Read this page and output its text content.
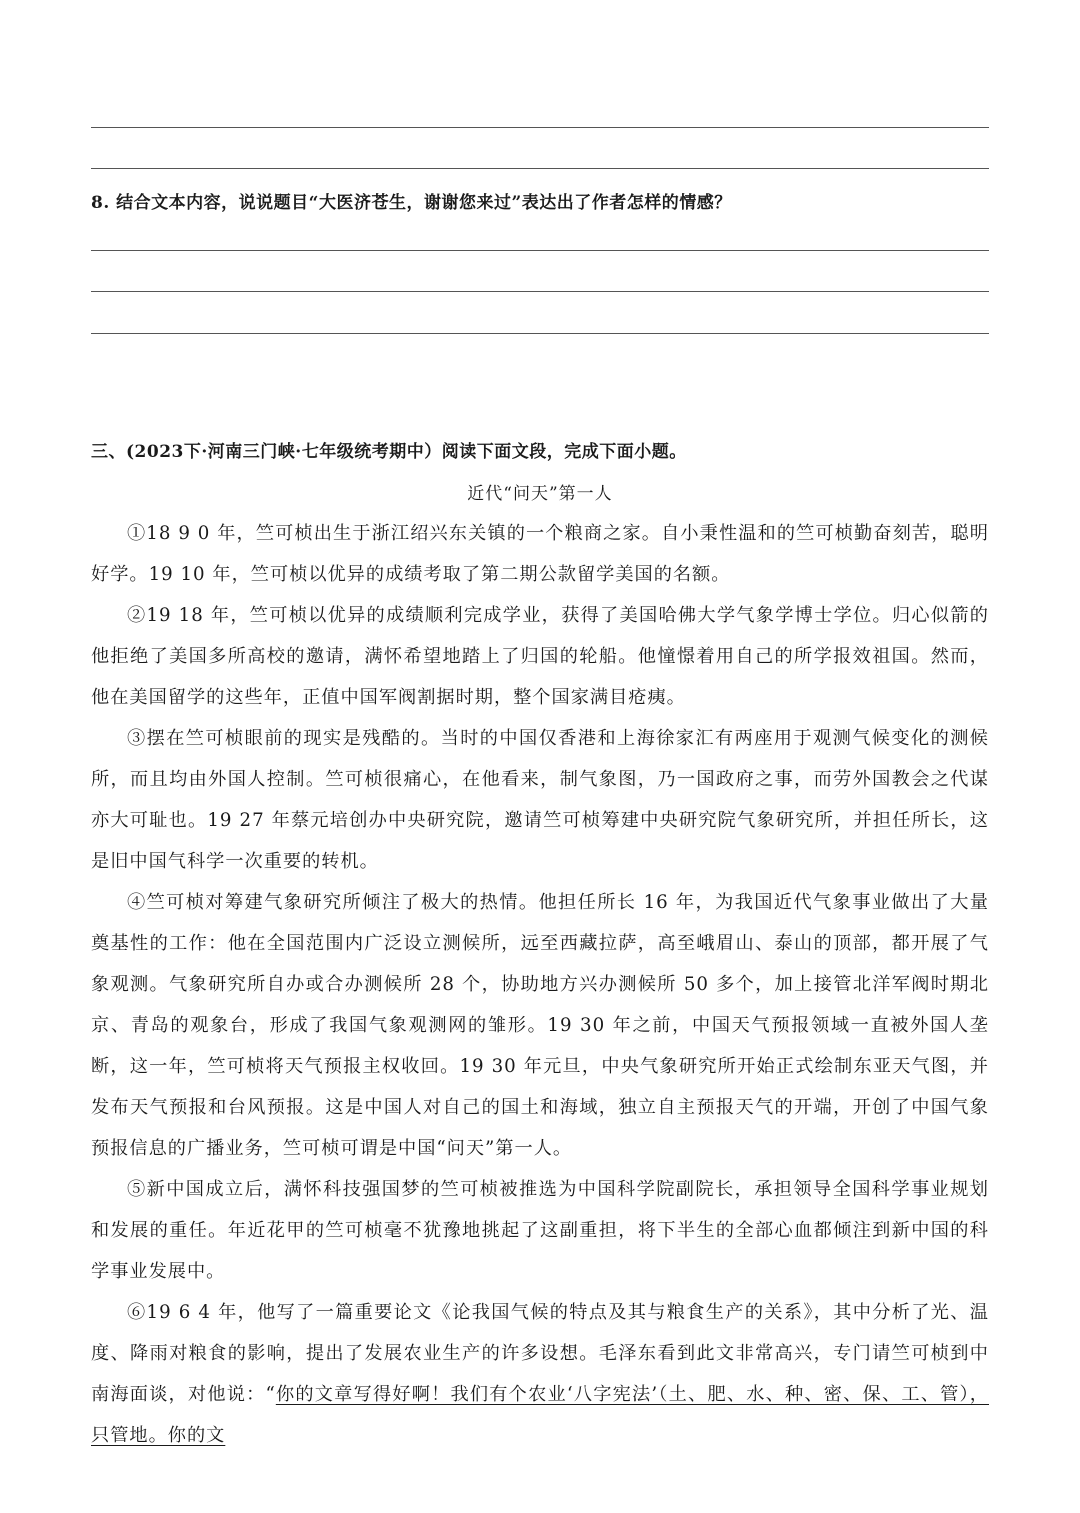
8. 结合文本内容，说说题目“大医济苍生，谢谢您来过”表达出了作者怎样的情感？
三、(2023下·河南三门峡·七年级统考期中）阅读下面文段，完成下面小题。
近代“问天”第一人

①18 9 0 年，竺可桢出生于浙江绍兴东关镇的一个粮商之家。自小秉性温和的竺可桢勤奋刻苦，聪明好学。19 10 年，竺可桢以优异的成绩考取了第二期公款留学美国的名额。

②19 18 年，竺可桢以优异的成绩顺利完成学业，获得了美国哈佛大学气象学博士学位。归心似箭的他拒绝了美国多所高校的邀请，满怀希望地踏上了归国的轮船。他憧憬着用自己的所学报效祖国。然而，他在美国留学的这些年，正值中国军阀割据时期，整个国家满目疮痍。

③摆在竺可桢眼前的现实是残酷的。当时的中国仅香港和上海徐家汇有两座用于观测气候变化的测候所，而且均由外国人控制。竺可桢很痛心，在他看来，制气象图，乃一国政府之事，而劳外国教会之代谋亦大可耻也。19 27 年蔡元培创办中央研究院，邀请竺可桢筹建中央研究院气象研究所，并担任所长，这是旧中国气科学一次重要的转机。

④竺可桢对筹建气象研究所倾注了极大的热情。他担任所长 16 年，为我国近代气象事业做出了大量奠基性的工作：他在全国范围内广泛设立测候所，远至西藏拉萨，高至峨眉山、泰山的顶部，都开展了气象观测。气象研究所自办或合办测候所 28 个，协助地方兴办测候所 50 多个，加上接管北洋军阀时期北京、青岛的观象台，形成了我国气象观测网的雏形。19 30 年之前，中国天气预报领域一直被外国人垄断，这一年，竺可桢将天气预报主权收回。19 30 年元旦，中央气象研究所开始正式绘制东亚天气图，并发布天气预报和台风预报。这是中国人对自己的国土和海域，独立自主预报天气的开端，开创了中国气象预报信息的广播业务，竺可桢可谓是中国“问天”第一人。

⑤新中国成立后，满怀科技强国梦的竺可桢被推选为中国科学院副院长，承担领导全国科学事业规划和发展的重任。年近花甲的竺可桢毫不犹豫地挑起了这副重担，将下半生的全部心血都倾注到新中国的科学事业发展中。

⑥19 6 4 年，他写了一篇重要论文《论我国气候的特点及其与粮食生产的关系》，其中分析了光、温度、降雨对粮食的影响，提出了发展农业生产的许多设想。毛泽东看到此文非常高兴，专门请竺可桢到中南海面谈，对他说：“你的文章写得好啊！我们有个农业‘八字宪法’（土、肥、水、种、密、保、工、管），只管地。你的文
